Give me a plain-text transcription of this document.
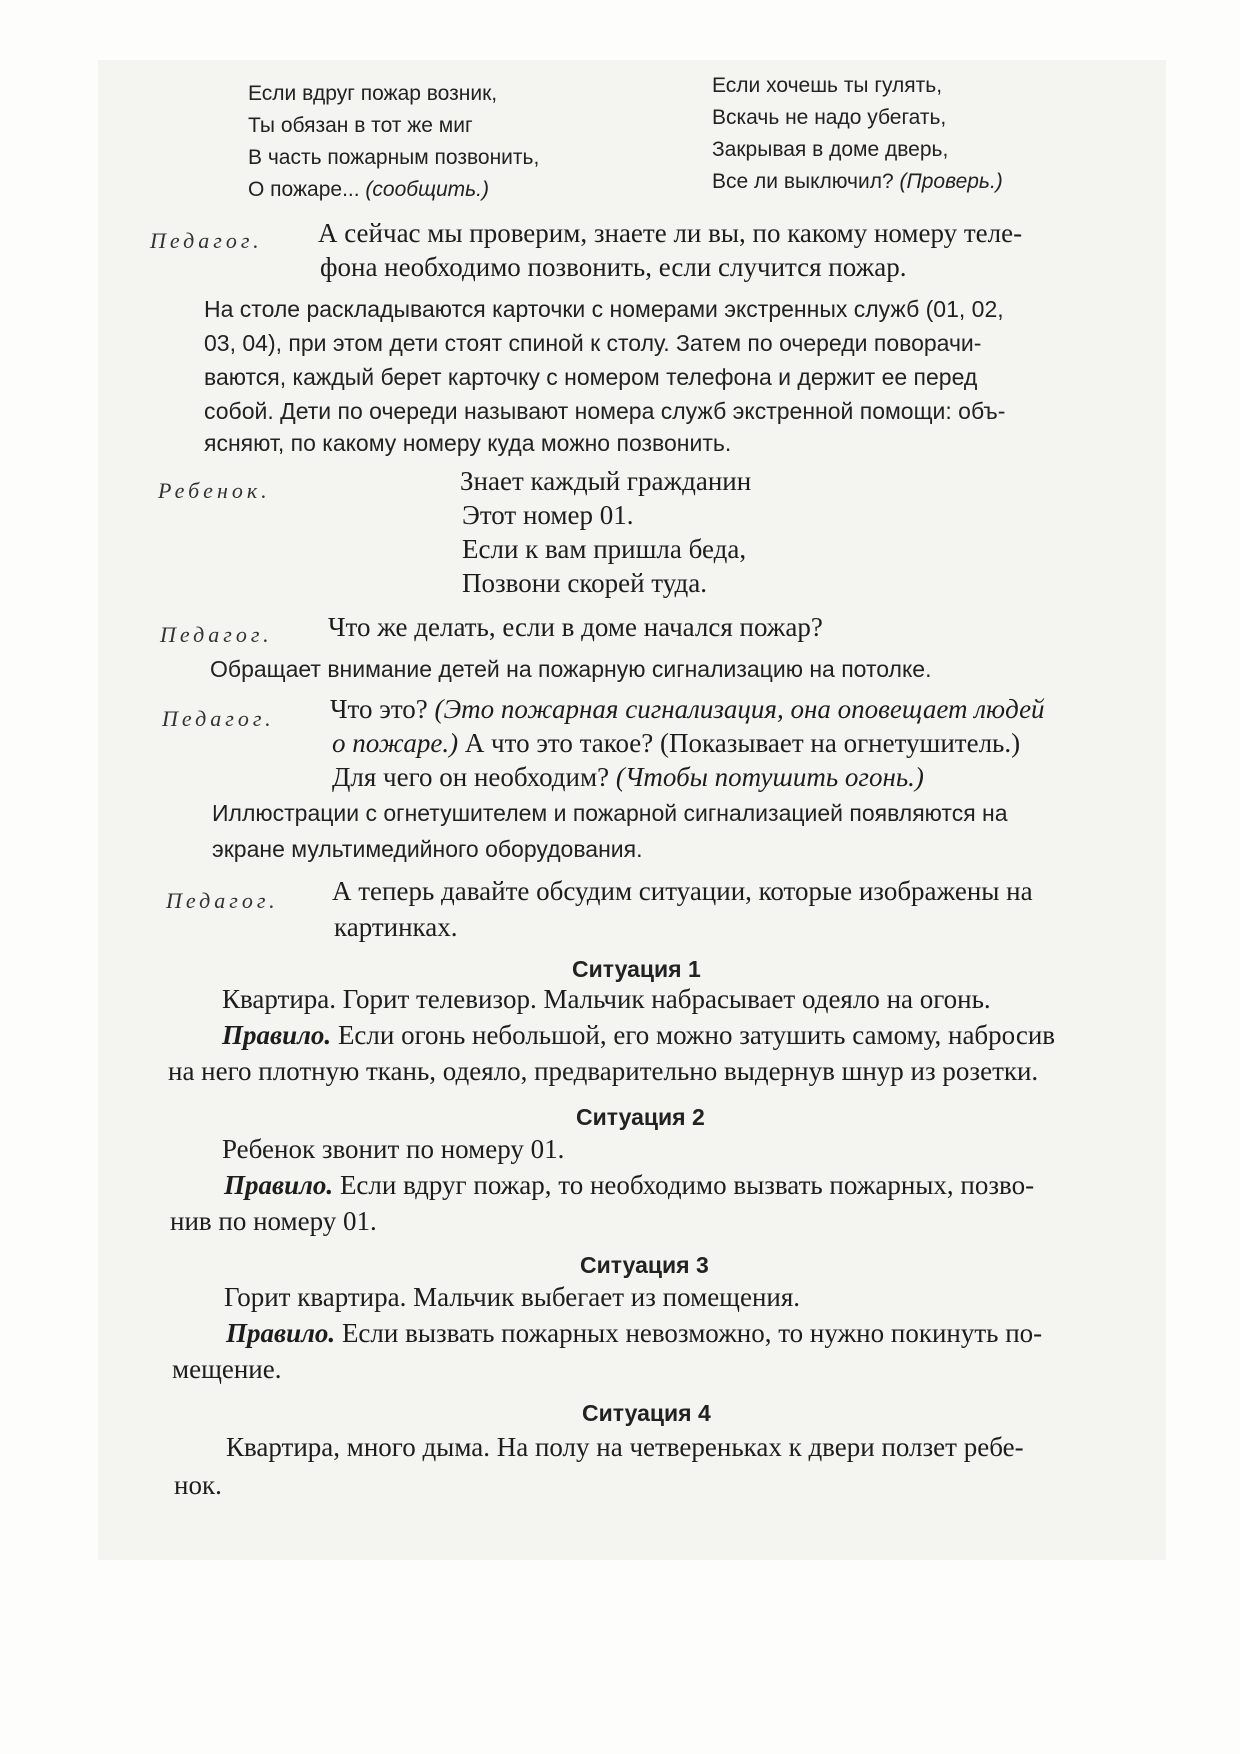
Если вдруг пожар возник,
Ты обязан в тот же миг
В часть пожарным позвонить,
О пожаре... (сообщить.)
Если хочешь ты гулять,
Вскачь не надо убегать,
Закрывая в доме дверь,
Все ли выключил? (Проверь.)
Педагог. А сейчас мы проверим, знаете ли вы, по какому номеру теле-
фона необходимо позвонить, если случится пожар.
На столе раскладываются карточки с номерами экстренных служб (01, 02,
03, 04), при этом дети стоят спиной к столу. Затем по очереди поворачи-
ваются, каждый берет карточку с номером телефона и держит ее перед
собой. Дети по очереди называют номера служб экстренной помощи: объ-
ясняют, по какому номеру куда можно позвонить.
Ребенок.	Знает каждый гражданин
Этот номер 01.
Если к вам пришла беда,
Позвони скорей туда.
Педагог. Что же делать, если в доме начался пожар?
Обращает внимание детей на пожарную сигнализацию на потолке.
Педагог. Что это? (Это пожарная сигнализация, она оповещает людей
о пожаре.) А что это такое? (Показывает на огнетушитель.)
Для чего он необходим? (Чтобы потушить огонь.)
Иллюстрации с огнетушителем и пожарной сигнализацией появляются на
экране мультимедийного оборудования.
Педагог. А теперь давайте обсудим ситуации, которые изображены на
картинках.
Ситуация 1
Квартира. Горит телевизор. Мальчик набрасывает одеяло на огонь.
Правило. Если огонь небольшой, его можно затушить самому, набросив
на него плотную ткань, одеяло, предварительно выдернув шнур из розетки.
Ситуация 2
Ребенок звонит по номеру 01.
Правило. Если вдруг пожар, то необходимо вызвать пожарных, позво-
нив по номеру 01.
Ситуация 3
Горит квартира. Мальчик выбегает из помещения.
Правило. Если вызвать пожарных невозможно, то нужно покинуть по-
мещение.
Ситуация 4
Квартира, много дыма. На полу на четвереньках к двери ползет ребе-
нок.
